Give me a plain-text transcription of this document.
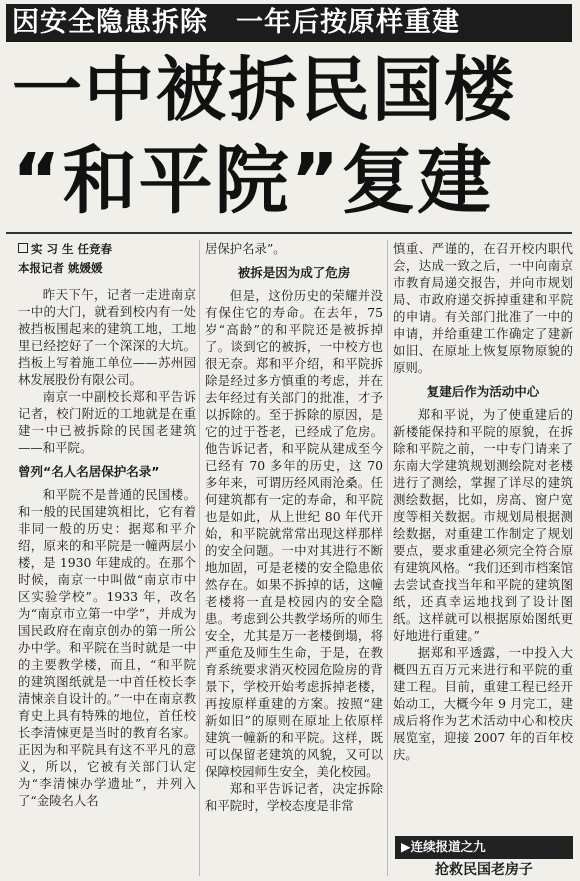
因安全隐患拆除 一年后按原样重建
一中被拆民国楼
“和平院”复建
实 习 生 任竞春
本报记者 姚媛媛

昨天下午，记者一走进南京一中的大门，就看到校内有一处被挡板围起来的建筑工地，工地里已经挖好了一个深深的大坑。挡板上写着施工单位——苏州园林发展股份有限公司。

南京一中副校长郑和平告诉记者，校门附近的工地就是在重建一中已被拆除的民国老建筑——和平院。

曾列“名人名居保护名录”

和平院不是普通的民国楼。和一般的民国建筑相比，它有着非同一般的历史：据郑和平介绍，原来的和平院是一幢两层小楼，是 1930 年建成的。在那个时候，南京一中叫做“南京市中区实验学校”。1933 年，改名为“南京市立第一中学”，并成为国民政府在南京创办的第一所公办中学。和平院在当时就是一中的主要教学楼，而且，“和平院的建筑图纸就是一中首任校长李清悚亲自设计的。”一中在南京教育史上具有特殊的地位，首任校长李清悚更是当时的教育名家。正因为和平院具有这不平凡的意义，所以，它被有关部门认定为“李清悚办学遗址”，并列入了“金陵名人名

居保护名录”。
被拆是因为成了危房

但是，这份历史的荣耀并没有保住它的寿命。在去年，75岁“高龄”的和平院还是被拆掉了。谈到它的被拆，一中校方也很无奈。郑和平介绍，和平院拆除是经过多方慎重的考虑，并在去年经过有关部门的批准，才予以拆除的。至于拆除的原因，是它的过于苍老，已经成了危房。他告诉记者，和平院从建成至今已经有 70 多年的历史，这 70 多年来，可谓历经风雨沧桑。任何建筑都有一定的寿命，和平院也是如此，从上世纪 80 年代开始，和平院就常常出现这样那样的安全问题。一中对其进行不断地加固，可是老楼的安全隐患依然存在。如果不拆掉的话，这幢老楼将一直是校园内的安全隐患。考虑到公共教学场所的师生安全，尤其是万一老楼倒塌，将严重危及师生生命，于是，在教育系统要求消灭校园危险房的背景下，学校开始考虑拆掉老楼，再按原样重建的方案。按照“建新如旧”的原则在原址上依原样建筑一幢新的和平院。这样，既可以保留老建筑的风貌，又可以保障校园师生安全，美化校园。

郑和平告诉记者，决定拆除和平院时，学校态度是非常

慎重、严谨的，在召开校内职代会，达成一致之后，一中向南京市教育局递交报告，并向市规划局、市政府递交拆掉重建和平院的申请。有关部门批准了一中的申请，并给重建工作确定了建新如旧、在原址上恢复原物原貌的原则。
复建后作为活动中心

郑和平说，为了使重建后的新楼能保持和平院的原貌，在拆除和平院之前，一中专门请来了东南大学建筑规划测绘院对老楼进行了测绘，掌握了详尽的建筑测绘数据，比如，房高、窗户宽度等相关数据。市规划局根据测绘数据，对重建工作制定了规划要点，要求重建必须完全符合原有建筑风格。“我们还到市档案馆去尝试查找当年和平院的建筑图纸，还真幸运地找到了设计图纸。这样就可以根据原始图纸更好地进行重建。”

据郑和平透露，一中投入大概四五百万元来进行和平院的重建工程。目前，重建工程已经开始动工，大概今年 9 月完工，建成后将作为艺术活动中心和校庆展览室，迎接 2007 年的百年校庆。

▶连续报道之九
抢救民国老房子
